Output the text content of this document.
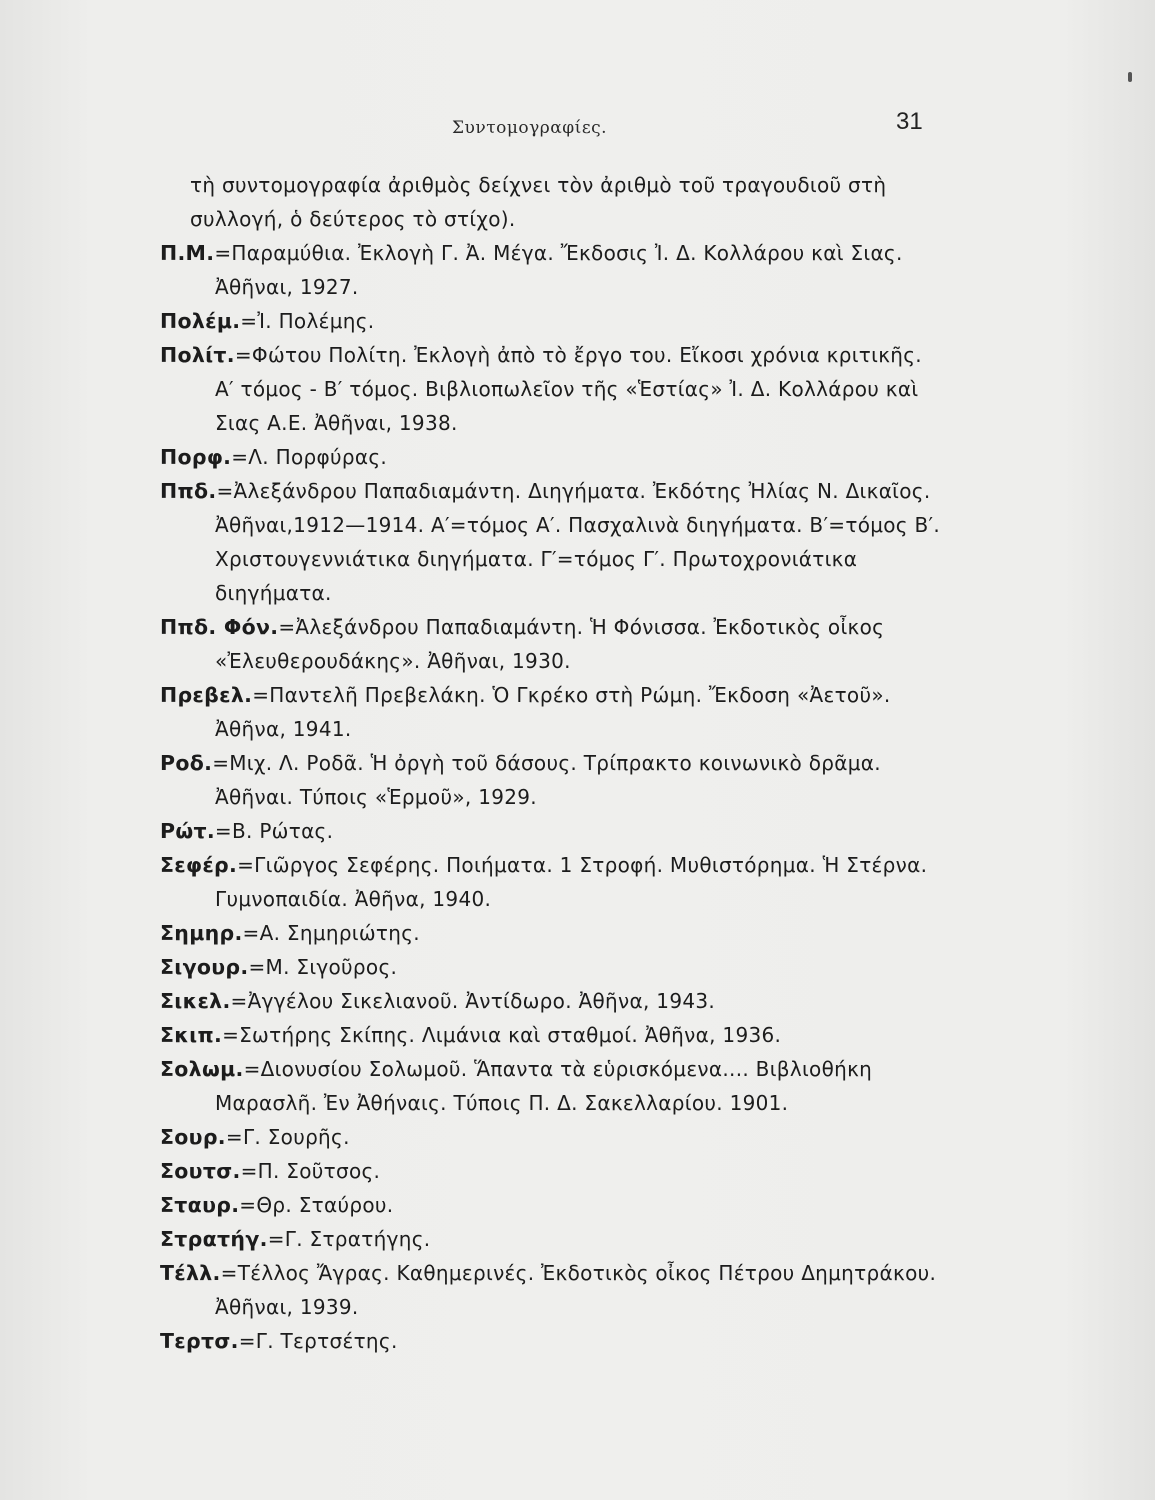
Συντομογραφίες.	31

τὴ συντομογραφία ἀριθμὸς δείχνει τὸν ἀριθμὸ τοῦ τραγουδιοῦ στὴ συλλογή, ὁ δεύτερος τὸ στίχο).

Π.Μ.=Παραμύθια. Ἐκλογὴ Γ. Ἀ. Μέγα. Ἔκδοσις Ἰ. Δ. Κολλάρου καὶ Σιας. Ἀθῆναι, 1927.

Πολέμ.=Ἰ. Πολέμης.

Πολίτ.=Φώτου Πολίτη. Ἐκλογὴ ἀπὸ τὸ ἔργο του. Εἴκοσι χρόνια κριτικῆς. Α′ τόμος - Β′ τόμος. Βιβλιοπωλεῖον τῆς «Ἑστίας» Ἰ. Δ. Κολλάρου καὶ Σιας Α.Ε. Ἀθῆναι, 1938.

Πορφ.=Λ. Πορφύρας.

Ππδ.=Ἀλεξάνδρου Παπαδιαμάντη. Διηγήματα. Ἐκδότης Ἠλίας Ν. Δικαῖος. Ἀθῆναι,1912—1914. Α′=τόμος Α′. Πασχαλινὰ διηγήματα. Β′=τόμος Β′. Χριστουγεννιάτικα διηγήματα. Γ′=τόμος Γ′. Πρωτοχρονιάτικα διηγήματα.

Ππδ. Φόν.=Ἀλεξάνδρου Παπαδιαμάντη. Ἡ Φόνισσα. Ἐκδοτικὸς οἶκος «Ἐλευθερουδάκης». Ἀθῆναι, 1930.

Πρεβελ.=Παντελῆ Πρεβελάκη. Ὁ Γκρέκο στὴ Ρώμη. Ἔκδοση «Ἀετοῦ». Ἀθῆνα, 1941.

Ροδ.=Μιχ. Λ. Ροδᾶ. Ἡ ὀργὴ τοῦ δάσους. Τρίπρακτο κοινωνικὸ δρᾶμα. Ἀθῆναι. Τύποις «Ἑρμοῦ», 1929.

Ρώτ.=Β. Ρώτας.

Σεφέρ.=Γιῶργος Σεφέρης. Ποιήματα. 1 Στροφή. Μυθιστόρημα. Ἡ Στέρνα. Γυμνοπαιδία. Ἀθῆνα, 1940.

Σημηρ.=Α. Σημηριώτης.

Σιγουρ.=Μ. Σιγοῦρος.

Σικελ.=Ἀγγέλου Σικελιανοῦ. Ἀντίδωρο. Ἀθῆνα, 1943.

Σκιπ.=Σωτήρης Σκίπης. Λιμάνια καὶ σταθμοί. Ἀθῆνα, 1936.

Σολωμ.=Διονυσίου Σολωμοῦ. Ἅπαντα τὰ εὑρισκόμενα.... Βιβλιοθήκη Μαρασλῆ. Ἐν Ἀθήναις. Τύποις Π. Δ. Σακελλαρίου. 1901.

Σουρ.=Γ. Σουρῆς.

Σουτσ.=Π. Σοῦτσος.

Σταυρ.=Θρ. Σταύρου.

Στρατήγ.=Γ. Στρατήγης.

Τέλλ.=Τέλλος Ἄγρας. Καθημερινές. Ἐκδοτικὸς οἶκος Πέτρου Δημητράκου. Ἀθῆναι, 1939.

Τερτσ.=Γ. Τερτσέτης.
